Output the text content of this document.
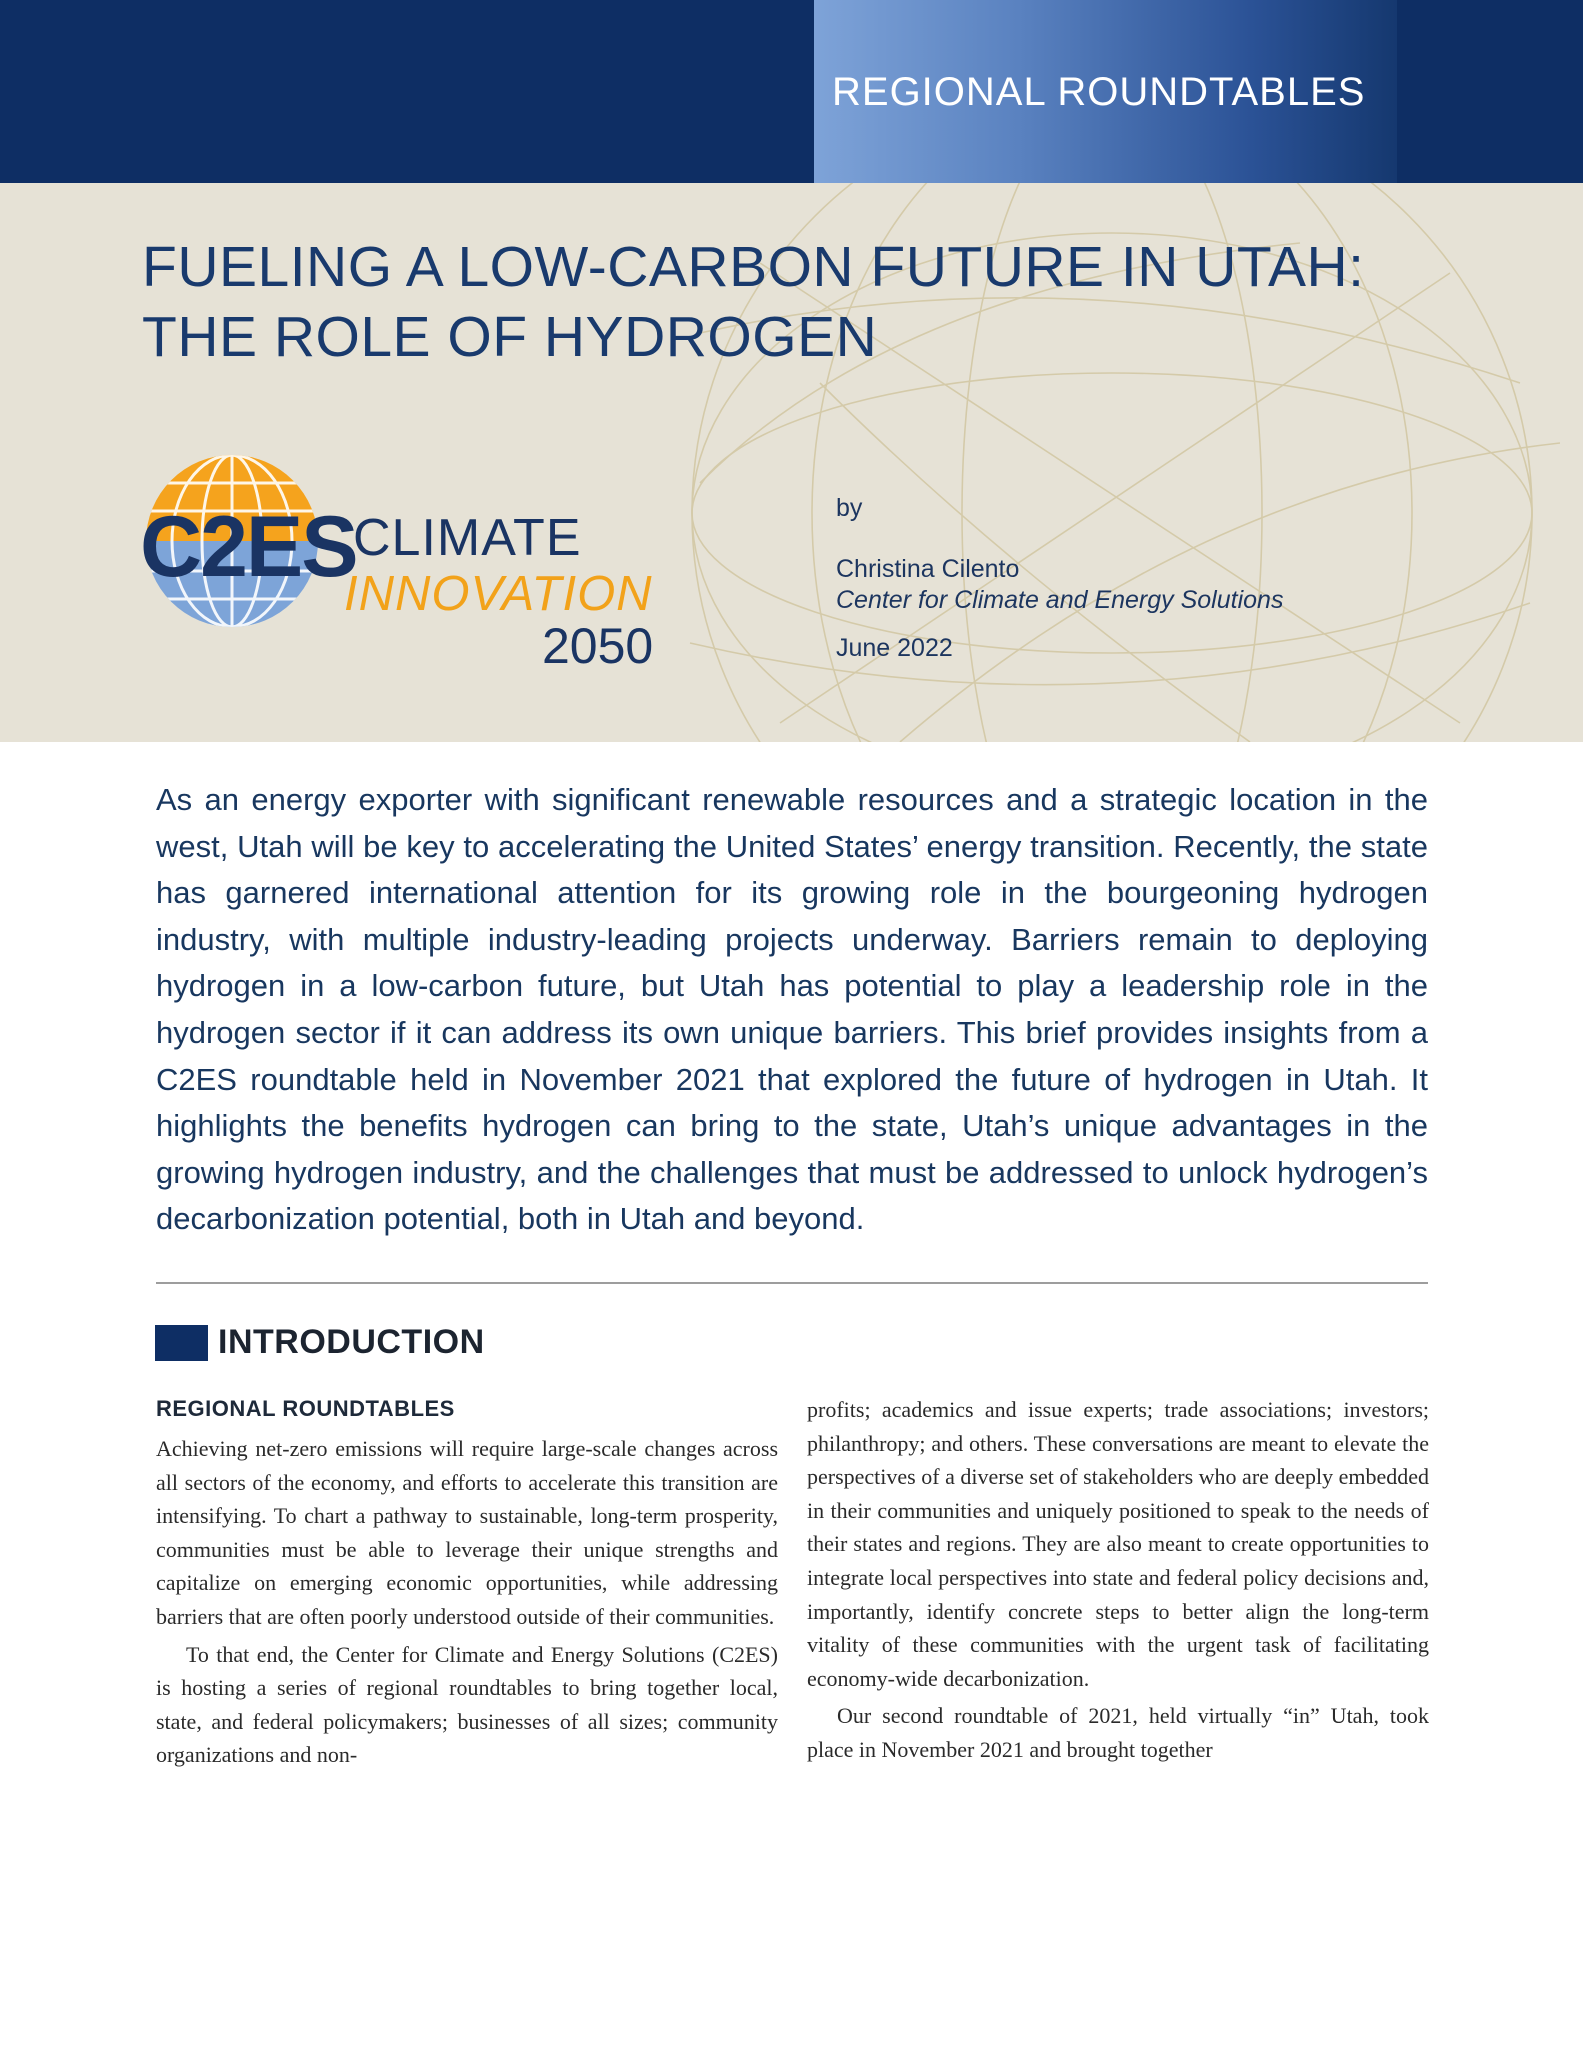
REGIONAL ROUNDTABLES
FUELING A LOW-CARBON FUTURE IN UTAH:
THE ROLE OF HYDROGEN
C2ES
CLIMATE
INNOVATION
2050
by
Christina Cilento
Center for Climate and Energy Solutions
June 2022

As an energy exporter with significant renewable resources and a strategic location in the west, Utah will be key to accelerating the United States’ energy transition. Recently, the state has garnered international attention for its growing role in the bourgeoning hydrogen industry, with multiple industry-leading projects underway. Barriers remain to deploying hydrogen in a low-carbon future, but Utah has potential to play a leadership role in the hydrogen sector if it can address its own unique barriers. This brief provides insights from a C2ES roundtable held in November 2021 that explored the future of hydrogen in Utah. It highlights the benefits hydrogen can bring to the state, Utah’s unique advantages in the growing hydrogen industry, and the challenges that must be addressed to unlock hydrogen’s decarbonization potential, both in Utah and beyond.

INTRODUCTION
REGIONAL ROUNDTABLES

Achieving net-zero emissions will require large-scale changes across all sectors of the economy, and efforts to accelerate this transition are intensifying. To chart a pathway to sustainable, long-term prosperity, communities must be able to leverage their unique strengths and capitalize on emerging economic opportunities, while addressing barriers that are often poorly understood outside of their communities.

To that end, the Center for Climate and Energy Solutions (C2ES) is hosting a series of regional roundtables to bring together local, state, and federal policymakers; businesses of all sizes; community organizations and non-

profits; academics and issue experts; trade associations; investors; philanthropy; and others. These conversations are meant to elevate the perspectives of a diverse set of stakeholders who are deeply embedded in their communities and uniquely positioned to speak to the needs of their states and regions. They are also meant to create opportunities to integrate local perspectives into state and federal policy decisions and, importantly, identify concrete steps to better align the long-term vitality of these communities with the urgent task of facilitating economy-wide decarbonization.

Our second roundtable of 2021, held virtually “in” Utah, took place in November 2021 and brought together
